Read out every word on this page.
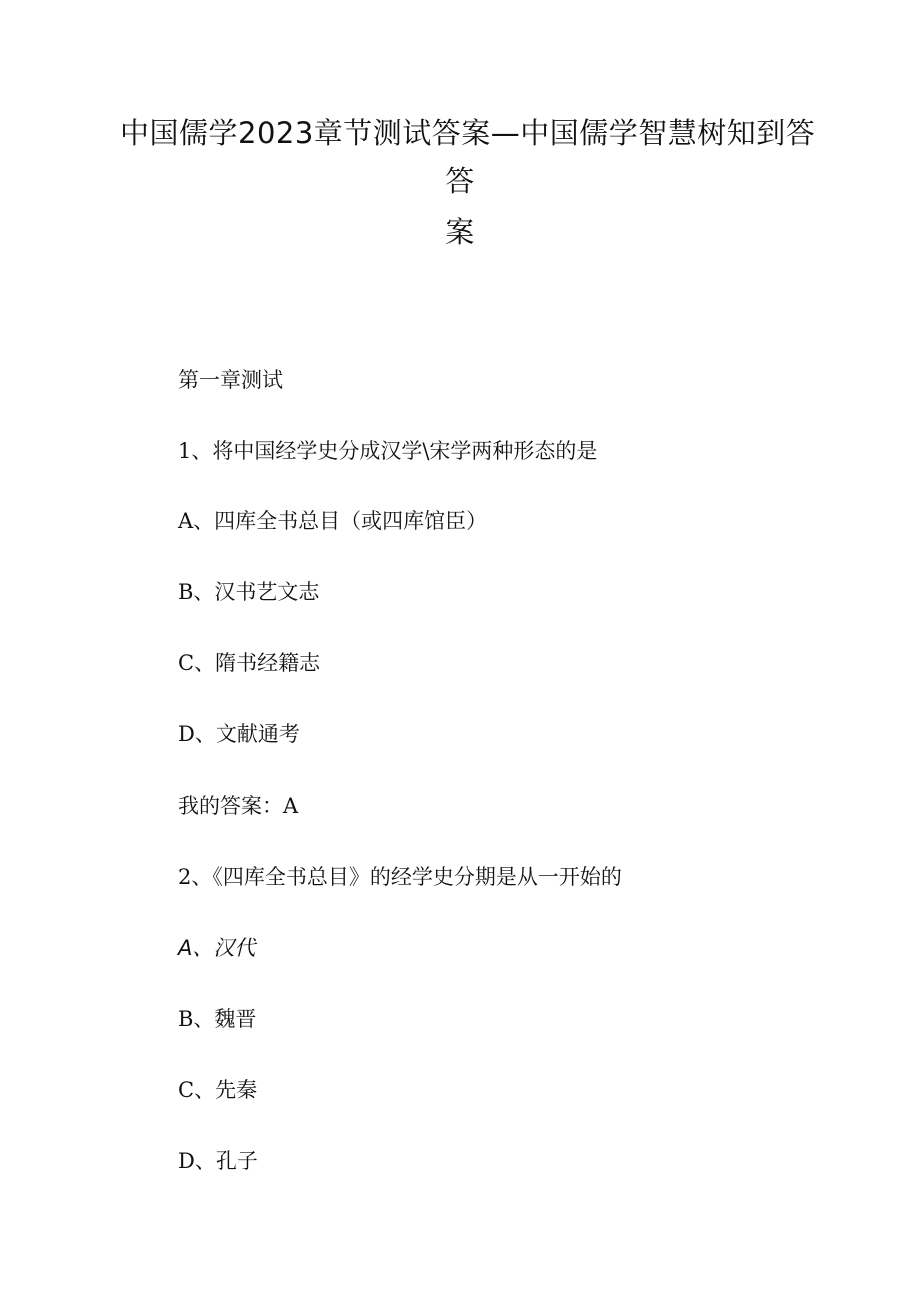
中国儒学2023章节测试答案—中国儒学智慧树知到答
答
案
第一章测试
1、将中国经学史分成汉学\宋学两种形态的是
A、四库全书总目（或四库馆臣）
B、汉书艺文志
C、隋书经籍志
D、文献通考
我的答案：A
2、《四库全书总目》的经学史分期是从一开始的
A、汉代
B、魏晋
C、先秦
D、孔子
